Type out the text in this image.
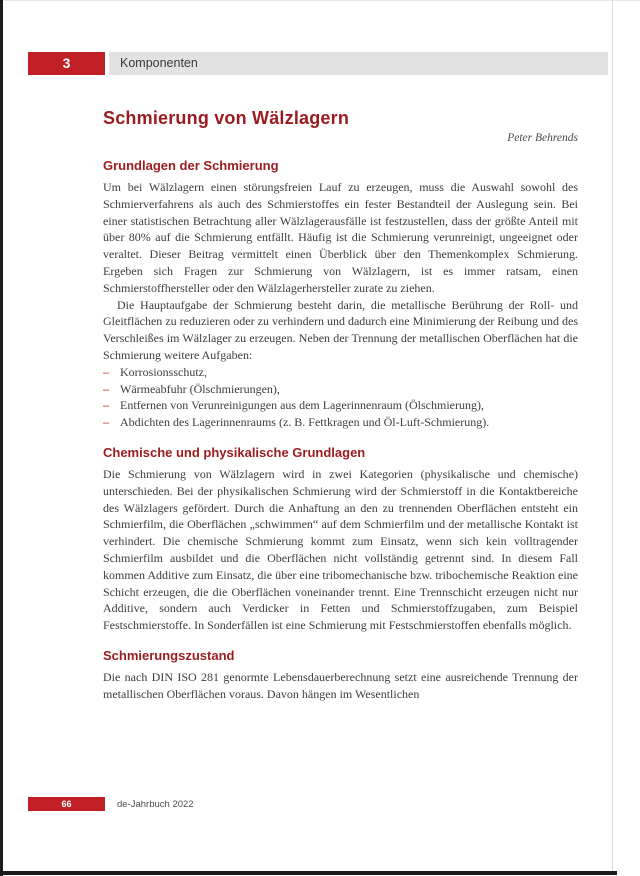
3	Komponenten
Schmierung von Wälzlagern
Peter Behrends
Grundlagen der Schmierung

Um bei Wälzlagern einen störungsfreien Lauf zu erzeugen, muss die Auswahl sowohl des Schmierverfahrens als auch des Schmierstoffes ein fester Bestandteil der Auslegung sein. Bei einer statistischen Betrachtung aller Wälzlagerausfälle ist festzustellen, dass der größte Anteil mit über 80% auf die Schmierung entfällt. Häufig ist die Schmierung verunreinigt, ungeeignet oder veraltet. Dieser Beitrag vermittelt einen Überblick über den Themenkomplex Schmierung. Ergeben sich Fragen zur Schmierung von Wälzlagern, ist es immer ratsam, einen Schmierstoffhersteller oder den Wälzlagerhersteller zurate zu ziehen.

Die Hauptaufgabe der Schmierung besteht darin, die metallische Berührung der Roll- und Gleitflächen zu reduzieren oder zu verhindern und dadurch eine Minimierung der Reibung und des Verschleißes im Wälzlager zu erzeugen. Neben der Trennung der metallischen Oberflächen hat die Schmierung weitere Aufgaben:

– Korrosionsschutz,
– Wärmeabfuhr (Ölschmierungen),
– Entfernen von Verunreinigungen aus dem Lagerinnenraum (Ölschmierung),
– Abdichten des Lagerinnenraums (z. B. Fettkragen und Öl-Luft-Schmierung).
Chemische und physikalische Grundlagen

Die Schmierung von Wälzlagern wird in zwei Kategorien (physikalische und chemische) unterschieden. Bei der physikalischen Schmierung wird der Schmierstoff in die Kontaktbereiche des Wälzlagers gefördert. Durch die Anhaftung an den zu trennenden Oberflächen entsteht ein Schmierfilm, die Oberflächen „schwimmen“ auf dem Schmierfilm und der metallische Kontakt ist verhindert. Die chemische Schmierung kommt zum Einsatz, wenn sich kein volltragender Schmierfilm ausbildet und die Oberflächen nicht vollständig getrennt sind. In diesem Fall kommen Additive zum Einsatz, die über eine tribomechanische bzw. tribochemische Reaktion eine Schicht erzeugen, die die Oberflächen voneinander trennt. Eine Trennschicht erzeugen nicht nur Additive, sondern auch Verdicker in Fetten und Schmierstoffzugaben, zum Beispiel Festschmierstoffe. In Sonderfällen ist eine Schmierung mit Festschmierstoffen ebenfalls möglich.

Schmierungszustand

Die nach DIN ISO 281 genormte Lebensdauerberechnung setzt eine ausreichende Trennung der metallischen Oberflächen voraus. Davon hängen im Wesentlichen

66	de-Jahrbuch 2022
